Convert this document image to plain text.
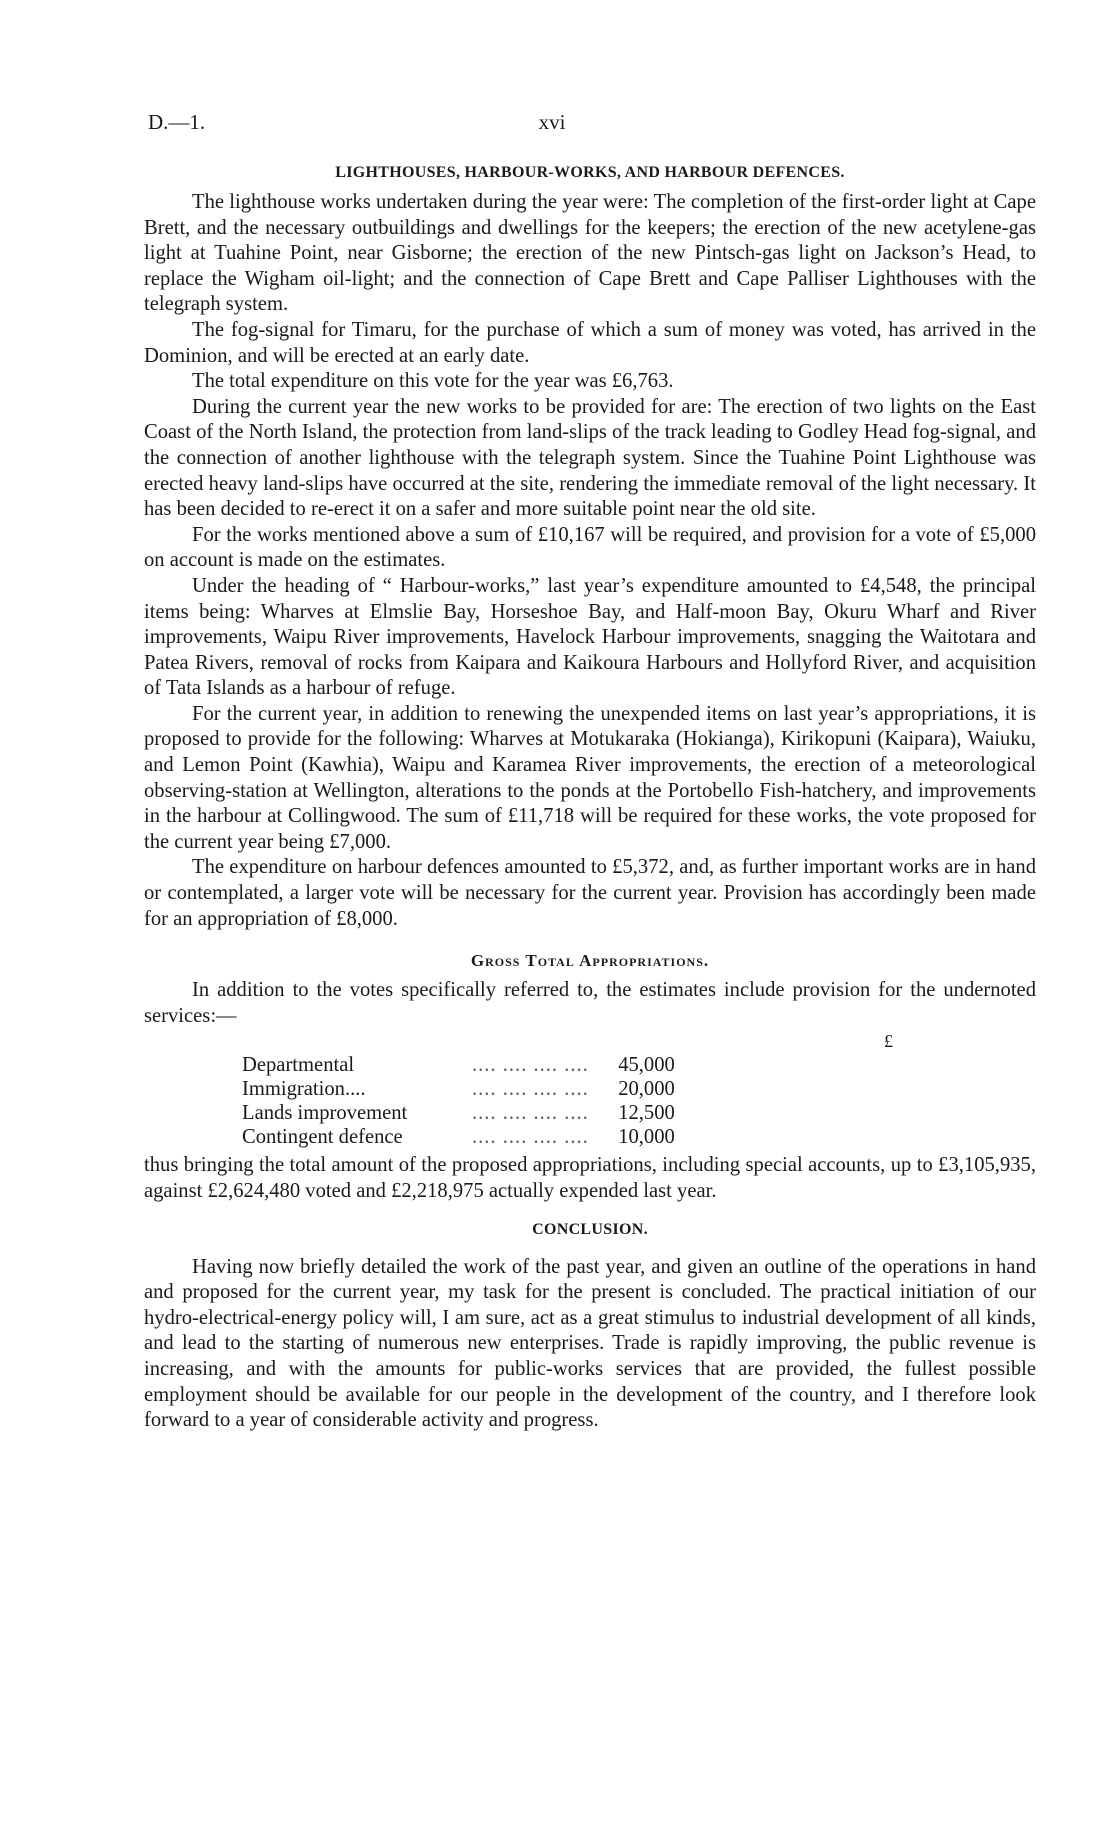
D.—1.	xvi
LIGHTHOUSES, HARBOUR-WORKS, AND HARBOUR DEFENCES.

The lighthouse works undertaken during the year were: The completion of the first-order light at Cape Brett, and the necessary outbuildings and dwellings for the keepers; the erection of the new acetylene-gas light at Tuahine Point, near Gisborne; the erection of the new Pintsch-gas light on Jackson’s Head, to replace the Wigham oil-light; and the connection of Cape Brett and Cape Palliser Lighthouses with the telegraph system.

The fog-signal for Timaru, for the purchase of which a sum of money was voted, has arrived in the Dominion, and will be erected at an early date.

The total expenditure on this vote for the year was £6,763.

During the current year the new works to be provided for are: The erection of two lights on the East Coast of the North Island, the protection from land-slips of the track leading to Godley Head fog-signal, and the connection of another lighthouse with the telegraph system. Since the Tuahine Point Lighthouse was erected heavy land-slips have occurred at the site, rendering the immediate removal of the light necessary. It has been decided to re-erect it on a safer and more suitable point near the old site.

For the works mentioned above a sum of £10,167 will be required, and provision for a vote of £5,000 on account is made on the estimates.

Under the heading of “ Harbour-works,” last year’s expenditure amounted to £4,548, the principal items being: Wharves at Elmslie Bay, Horseshoe Bay, and Half-moon Bay, Okuru Wharf and River improvements, Waipu River improvements, Havelock Harbour improvements, snagging the Waitotara and Patea Rivers, removal of rocks from Kaipara and Kaikoura Harbours and Hollyford River, and acquisition of Tata Islands as a harbour of refuge.

For the current year, in addition to renewing the unexpended items on last year’s appropriations, it is proposed to provide for the following: Wharves at Motukaraka (Hokianga), Kirikopuni (Kaipara), Waiuku, and Lemon Point (Kawhia), Waipu and Karamea River improvements, the erection of a meteorological observing-station at Wellington, alterations to the ponds at the Portobello Fish-hatchery, and improvements in the harbour at Collingwood. The sum of £11,718 will be required for these works, the vote proposed for the current year being £7,000.

The expenditure on harbour defences amounted to £5,372, and, as further important works are in hand or contemplated, a larger vote will be necessary for the current year. Provision has accordingly been made for an appropriation of £8,000.

Gross Total Appropriations.

In addition to the votes specifically referred to, the estimates include provision for the undernoted services:—

£
Departmental	.... .... .... ....	45,000
Immigration....	.... .... .... ....	20,000
Lands improvement	.... .... .... ....	12,500
Contingent defence	.... .... .... ....	10,000

thus bringing the total amount of the proposed appropriations, including special accounts, up to £3,105,935, against £2,624,480 voted and £2,218,975 actually expended last year.

CONCLUSION.

Having now briefly detailed the work of the past year, and given an outline of the operations in hand and proposed for the current year, my task for the present is concluded. The practical initiation of our hydro-electrical-energy policy will, I am sure, act as a great stimulus to industrial development of all kinds, and lead to the starting of numerous new enterprises. Trade is rapidly improving, the public revenue is increasing, and with the amounts for public-works services that are provided, the fullest possible employment should be available for our people in the development of the country, and I therefore look forward to a year of considerable activity and progress.
